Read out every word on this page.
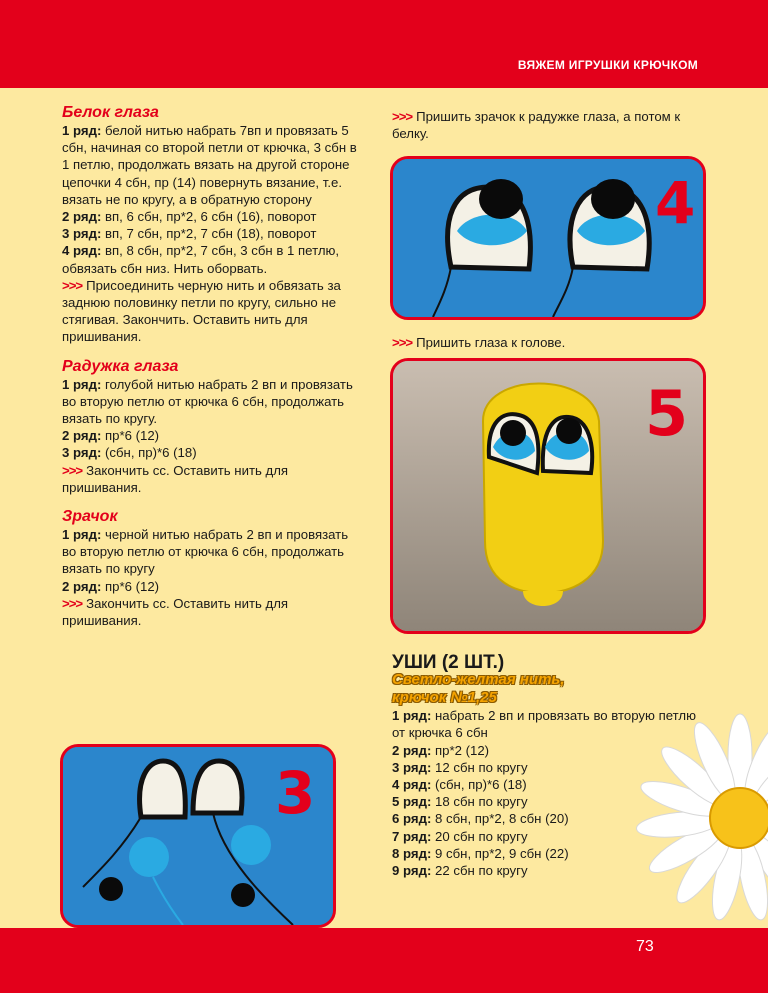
ВЯЖЕМ ИГРУШКИ КРЮЧКОМ

Белок глаза

1 ряд: белой нитью набрать 7вп и провязать 5 сбн, начиная со второй петли от крючка, 3 сбн в 1 петлю, продолжать вязать на другой стороне цепочки 4 сбн, пр (14) повернуть вязание, т.е. вязать не по кругу, а в обратную сторону

2 ряд: вп, 6 сбн, пр*2, 6 сбн (16), поворот

3 ряд: вп, 7 сбн, пр*2, 7 сбн (18), поворот

4 ряд: вп, 8 сбн, пр*2, 7 сбн, 3 сбн в 1 петлю, обвязать сбн низ. Нить оборвать.

>>> Присоединить черную нить и обвязать за заднюю половинку петли по кругу, сильно не стягивая. Закончить. Оставить нить для пришивания.

Радужка глаза

1 ряд: голубой нитью набрать 2 вп и провязать во вторую петлю от крючка 6 сбн, продолжать вязать по кругу.

2 ряд: пр*6 (12)

3 ряд: (сбн, пр)*6 (18)

>>> Закончить сс. Оставить нить для пришивания.

Зрачок

1 ряд: черной нитью набрать 2 вп и провязать во вторую петлю от крючка 6 сбн, продолжать вязать по кругу

2 ряд: пр*6 (12)

>>> Закончить сс. Оставить нить для пришивания.

3

>>> Пришить зрачок к радужке глаза, а потом к белку.

4

>>> Пришить глаза к голове.

5

УШИ (2 ШТ.)

Светло-желтая нить,
крючок №1,25

1 ряд: набрать 2 вп и провязать во вторую петлю от крючка 6 сбн

2 ряд: пр*2 (12)

3 ряд: 12 сбн по кругу

4 ряд: (сбн, пр)*6 (18)

5 ряд: 18 сбн по кругу

6 ряд: 8 сбн, пр*2, 8 сбн (20)

7 ряд: 20 сбн по кругу

8 ряд: 9 сбн, пр*2, 9 сбн (22)

9 ряд: 22 сбн по кругу

73
